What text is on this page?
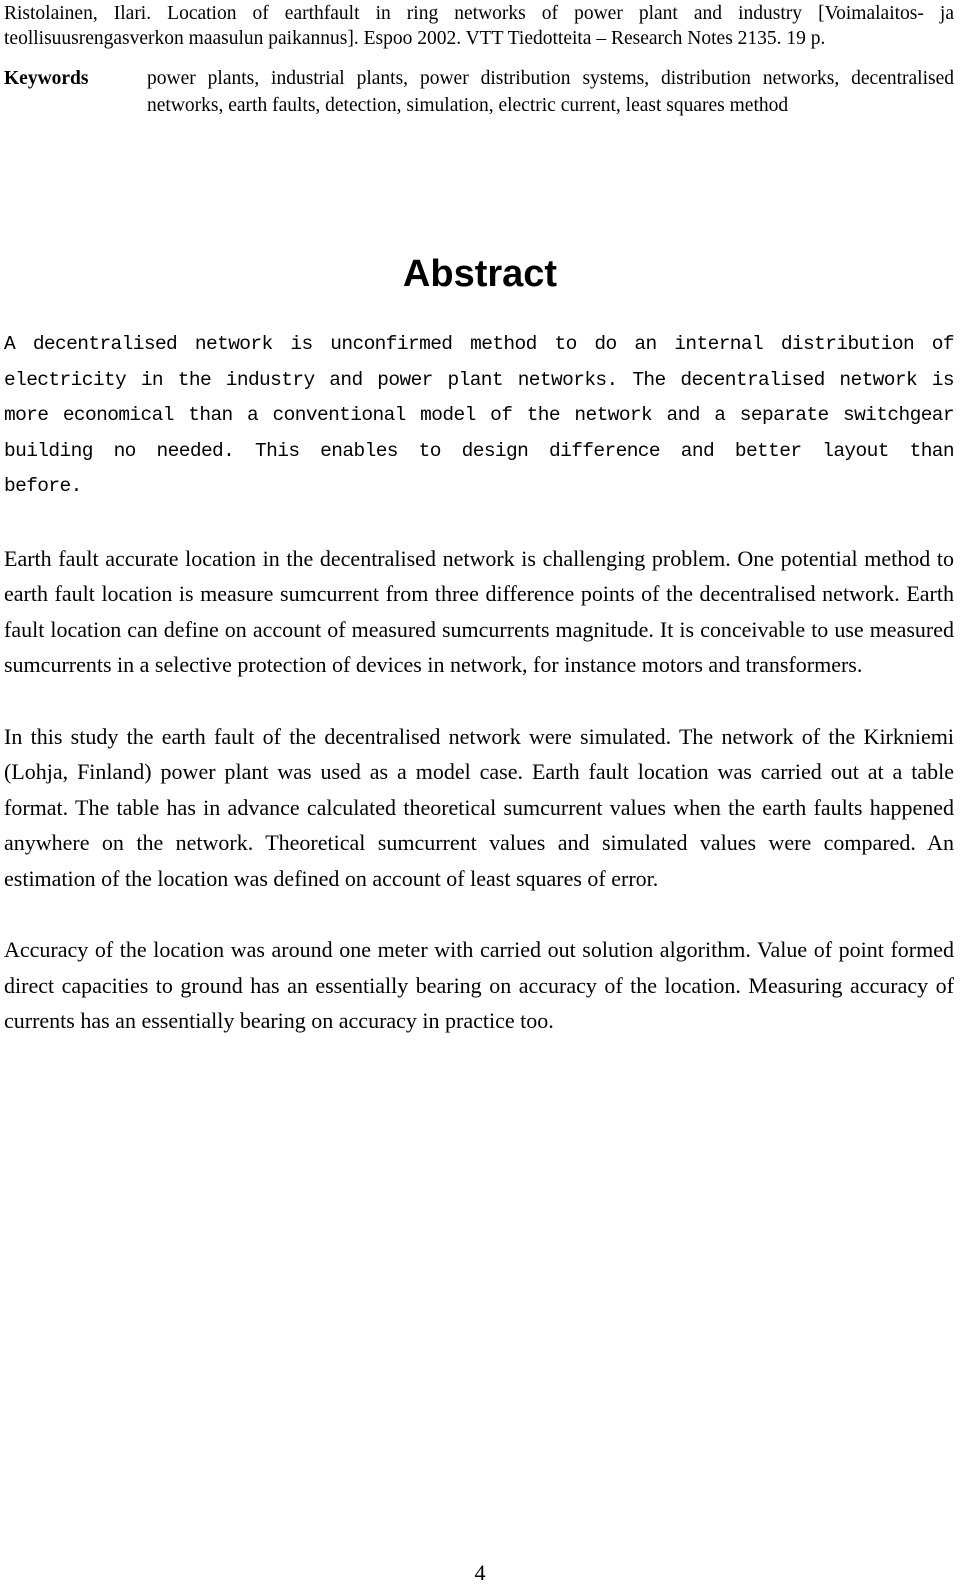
Ristolainen, Ilari. Location of earthfault in ring networks of power plant and industry [Voimalaitos- ja teollisuusrengasverkon maasulun paikannus]. Espoo 2002. VTT Tiedotteita – Research Notes 2135. 19 p.

Keywords	power plants, industrial plants, power distribution systems, distribution networks, decentralised networks, earth faults, detection, simulation, electric current, least squares method

Abstract

A decentralised network is unconfirmed method to do an internal distribution of electricity in the industry and power plant networks. The decentralised network is more economical than a conventional model of the network and a separate switchgear building no needed. This enables to design difference and better layout than before.

Earth fault accurate location in the decentralised network is challenging problem. One potential method to earth fault location is measure sumcurrent from three difference points of the decentralised network. Earth fault location can define on account of measured sumcurrents magnitude. It is conceivable to use measured sumcurrents in a selective protection of devices in network, for instance motors and transformers.

In this study the earth fault of the decentralised network were simulated. The network of the Kirkniemi (Lohja, Finland) power plant was used as a model case. Earth fault location was carried out at a table format. The table has in advance calculated theoretical sumcurrent values when the earth faults happened anywhere on the network. Theoretical sumcurrent values and simulated values were compared. An estimation of the location was defined on account of least squares of error.

Accuracy of the location was around one meter with carried out solution algorithm. Value of point formed direct capacities to ground has an essentially bearing on accuracy of the location. Measuring accuracy of currents has an essentially bearing on accuracy in practice too.

4
